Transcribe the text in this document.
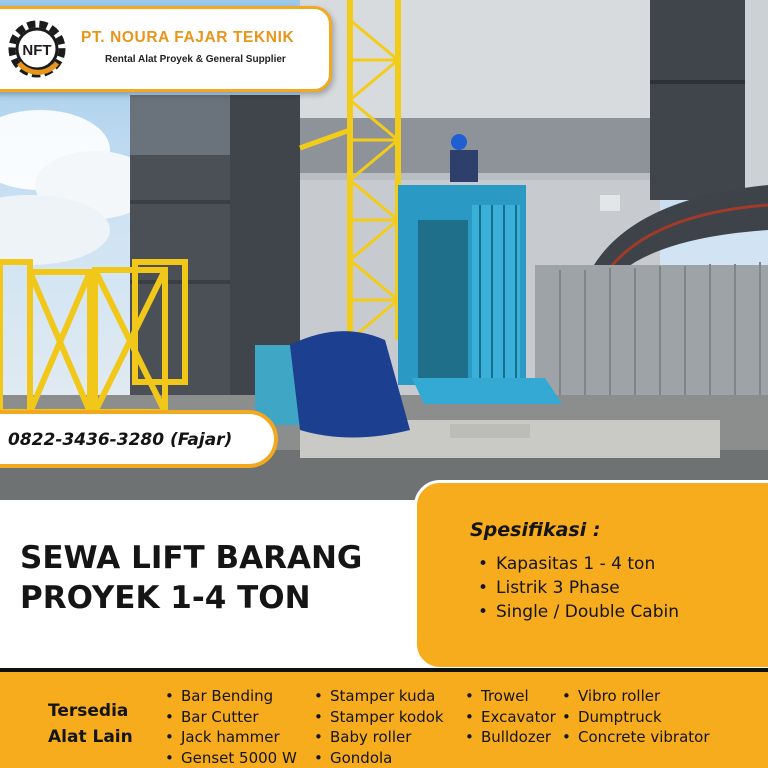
NFT
PT. NOURA FAJAR TEKNIK
Rental Alat Proyek & General Supplier
0822-3436-3280 (Fajar)
SEWA LIFT BARANG
PROYEK 1-4 TON
Spesifikasi :
• Kapasitas 1 - 4 ton
• Listrik 3 Phase
• Single / Double Cabin
Tersedia
Alat Lain
• Bar Bending
• Bar Cutter
• Jack hammer
• Genset 5000 W
• Stamper kuda
• Stamper kodok
• Baby roller
• Gondola
• Trowel
• Excavator
• Bulldozer
• Vibro roller
• Dumptruck
• Concrete vibrator
